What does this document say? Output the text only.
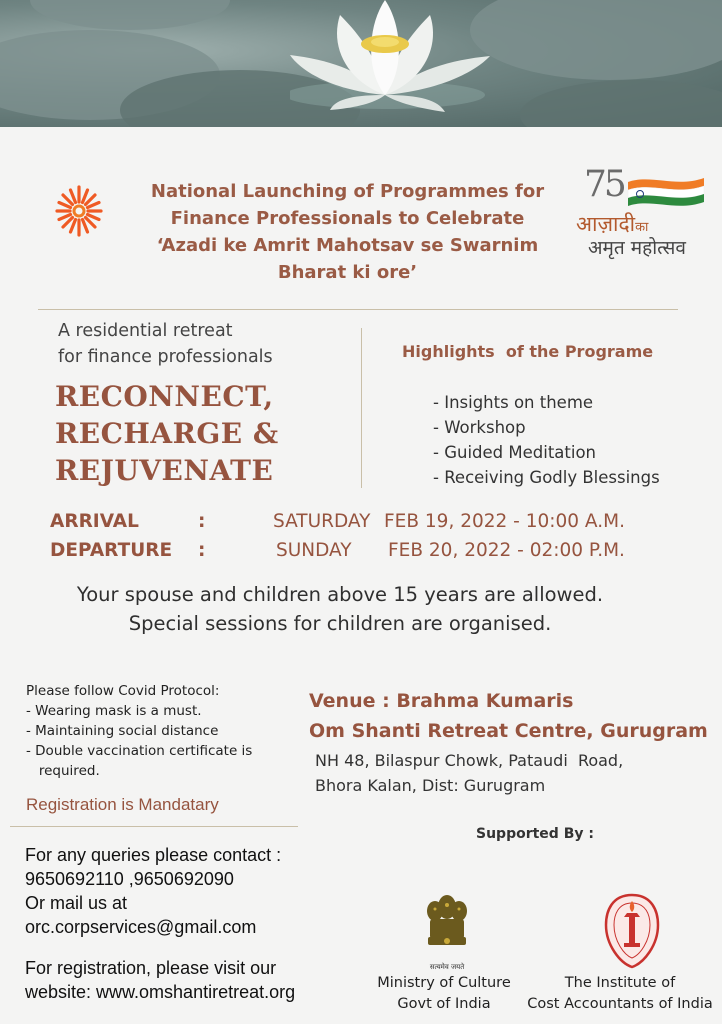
National Launching of Programmes for
Finance Professionals to Celebrate
‘Azadi ke Amrit Mahotsav se Swarnim
Bharat ki ore’
75
आज़ादीका
अमृत महोत्सव
A residential retreat
for finance professionals
RECONNECT,
RECHARGE &
REJUVENATE
Highlights  of the Programe
- Insights on theme
- Workshop
- Guided Meditation
- Receiving Godly Blessings
ARRIVAL	:	SATURDAY FEB 19, 2022 - 10:00 A.M.
DEPARTURE :	SUNDAY FEB 20, 2022 - 02:00 P.M.
Your spouse and children above 15 years are allowed.
Special sessions for children are organised.
Please follow Covid Protocol:
- Wearing mask is a must.
- Maintaining social distance
- Double vaccination certificate is
required.
Registration is Mandatary
Venue : Brahma Kumaris
Om Shanti Retreat Centre, Gurugram
NH 48, Bilaspur Chowk, Pataudi  Road,
Bhora Kalan, Dist: Gurugram
For any queries please contact :
9650692110 ,9650692090
Or mail us at
orc.corpservices@gmail.com
For registration, please visit our
website: www.omshantiretreat.org
Supported By :
सत्यमेव जयते
Ministry of Culture
Govt of India
The Institute of
Cost Accountants of India
